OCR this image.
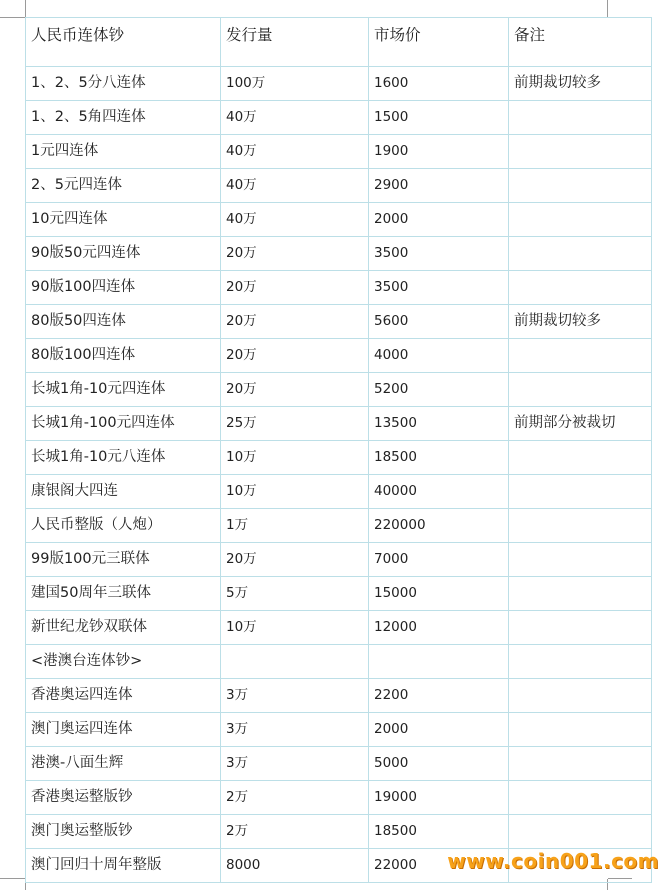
人民币连体钞	发行量	市场价	备注
1、2、5分八连体	100万	1600	前期裁切较多
1、2、5角四连体	40万	1500	
1元四连体	40万	1900	
2、5元四连体	40万	2900	
10元四连体	40万	2000	
90版50元四连体	20万	3500	
90版100四连体	20万	3500	
80版50四连体	20万	5600	前期裁切较多
80版100四连体	20万	4000	
长城1角-10元四连体	20万	5200	
长城1角-100元四连体	25万	13500	前期部分被裁切
长城1角-10元八连体	10万	18500	
康银阁大四连	10万	40000	
人民币整版（人炮）	1万	220000	
99版100元三联体	20万	7000	
建国50周年三联体	5万	15000	
新世纪龙钞双联体	10万	12000	
<港澳台连体钞>			
香港奥运四连体	3万	2200	
澳门奥运四连体	3万	2000	
港澳-八面生辉	3万	5000	
香港奥运整版钞	2万	19000	
澳门奥运整版钞	2万	18500	
澳门回归十周年整版	8000	22000	www.coin001.com
